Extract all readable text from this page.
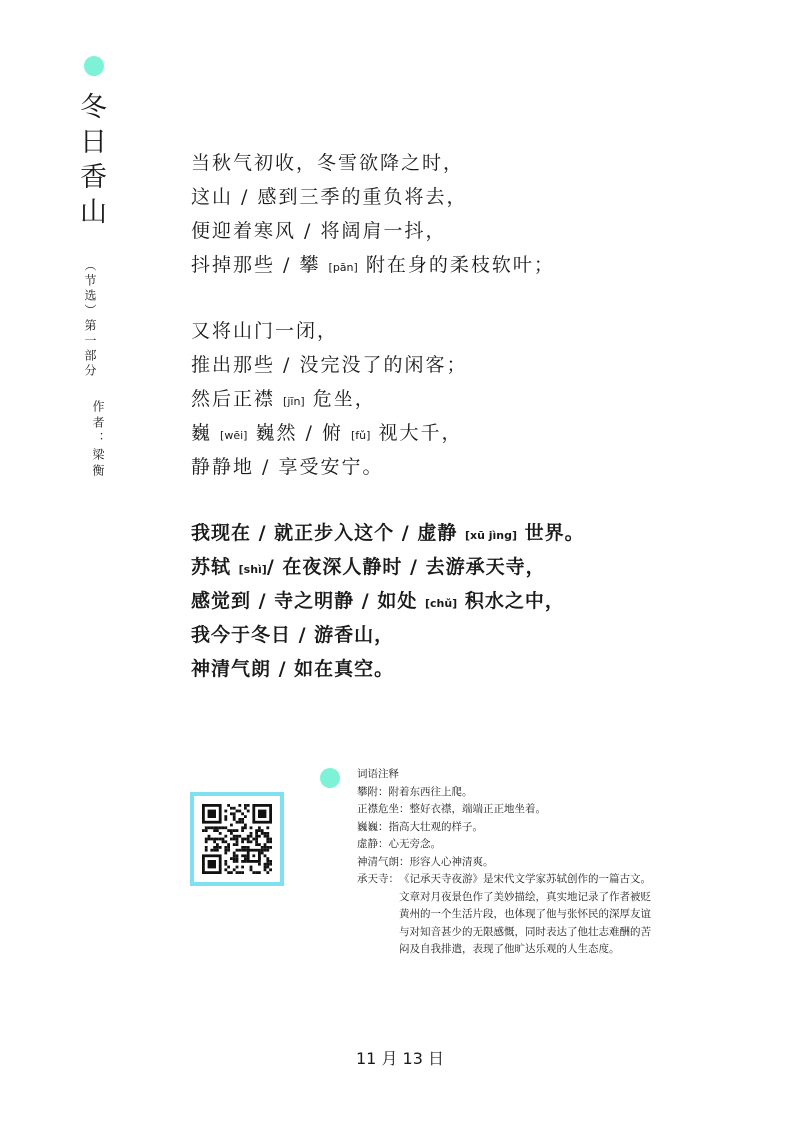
冬日香山 （节选）第一部分
作者：梁衡
当秋气初收，冬雪欲降之时，
这山 / 感到三季的重负将去，
便迎着寒风 / 将阔肩一抖，
抖掉那些 / 攀 [pān] 附在身的柔枝软叶；
又将山门一闭，
推出那些 / 没完没了的闲客；
然后正襟 [jīn] 危坐，
巍 [wēi] 巍然 / 俯 [fǔ] 视大千，
静静地 / 享受安宁。
我现在 / 就正步入这个 / 虚静 [xū jìng] 世界。
苏轼 [shì]/ 在夜深人静时 / 去游承天寺，
感觉到 / 寺之明静 / 如处 [chǔ] 积水之中，
我今于冬日 / 游香山，
神清气朗 / 如在真空。
词语注释
攀附： 附着东西往上爬。
正襟危坐： 整好衣襟，端端正正地坐着。
巍巍： 指高大壮观的样子。
虚静： 心无旁念。
神清气朗： 形容人心神清爽。
承天寺： 《记承天寺夜游》是宋代文学家苏轼创作的一篇古文。文章对月夜景色作了美妙描绘，真实地记录了作者被贬黄州的一个生活片段，也体现了他与张怀民的深厚友谊与对知音甚少的无限感慨，同时表达了他壮志难酬的苦闷及自我排遣，表现了他旷达乐观的人生态度。
11 月 13 日
